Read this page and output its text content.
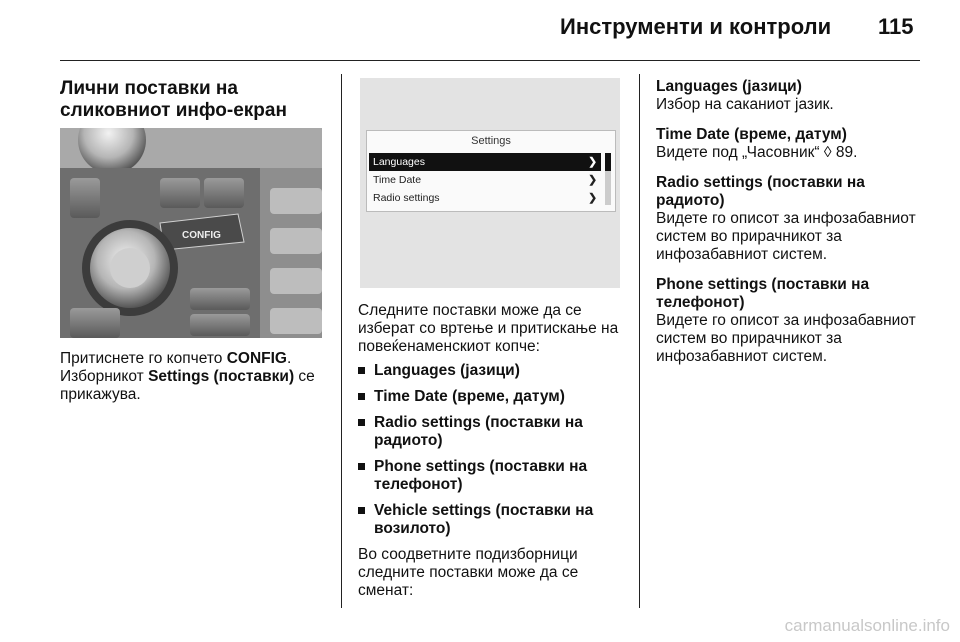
Инструменти и контроли 115
Лични поставки на сликовниот инфо-екран
CONFIG

Притиснете го копчето CONFIG.
Изборникот Settings (поставки) се прикажува.

Settings
Languages	❯
Time Date	❯
Radio settings	❯

Следните поставки може да се изберат со вртење и притискање на повеќенаменскиот копче:

Languages (јазици)
Time Date (време, датум)
Radio settings (поставки на радиото)
Phone settings (поставки на телефонот)
Vehicle settings (поставки на возилото)

Во соодветните подизборници следните поставки може да се сменат:

Languages (јазици)
Избор на саканиот јазик.
Time Date (време, датум)
Видете под „Часовник“ ◊ 89.
Radio settings (поставки на радиото)
Видете го описот за инфозабавниот систем во прирачникот за инфозабавниот систем.
Phone settings (поставки на телефонот)
Видете го описот за инфозабавниот систем во прирачникот за инфозабавниот систем.
carmanualsonline.info
